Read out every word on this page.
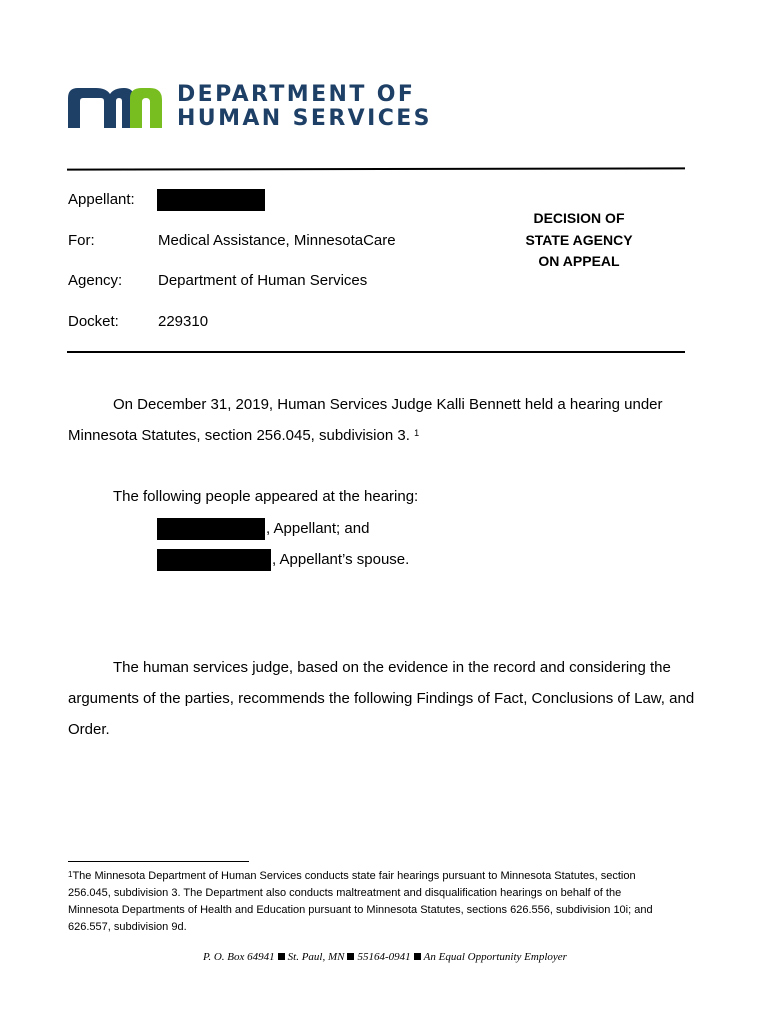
DEPARTMENT OF
HUMAN SERVICES
Appellant:
For:	Medical Assistance, MinnesotaCare
Agency: Department of Human Services
Docket:	229310
DECISION OF
STATE AGENCY
ON APPEAL
On December 31, 2019, Human Services Judge Kalli Bennett held a hearing under
Minnesota Statutes, section 256.045, subdivision 3. $^1$
The following people appeared at the hearing:
, Appellant; and
, Appellant’s spouse.
The human services judge, based on the evidence in the record and considering the
arguments of the parties, recommends the following Findings of Fact, Conclusions of Law, and
Order.
$^1$The Minnesota Department of Human Services conducts state fair hearings pursuant to Minnesota Statutes, section
256.045, subdivision 3. The Department also conducts maltreatment and disqualification hearings on behalf of the
Minnesota Departments of Health and Education pursuant to Minnesota Statutes, sections 626.556, subdivision 10i; and
626.557, subdivision 9d.
P. O. Box 64941 St. Paul, MN 55164-0941 An Equal Opportunity Employer
